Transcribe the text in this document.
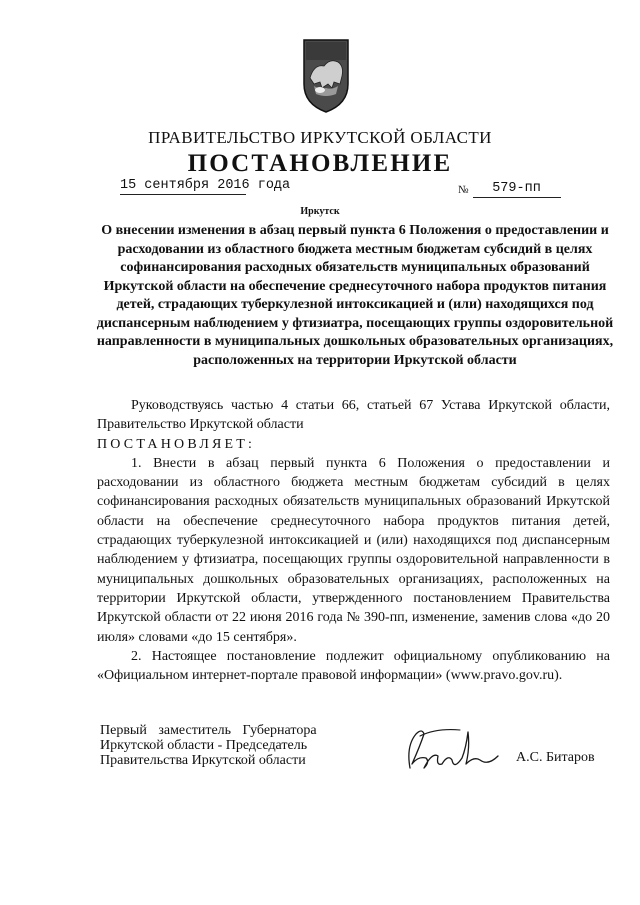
ПРАВИТЕЛЬСТВО ИРКУТСКОЙ ОБЛАСТИ
ПОСТАНОВЛЕНИЕ
15 сентября 2016 года	№ 579-пп
Иркутск
О внесении изменения в абзац первый пункта 6 Положения о предоставлении и расходовании из областного бюджета местным бюджетам субсидий в целях софинансирования расходных обязательств муниципальных образований Иркутской области на обеспечение среднесуточного набора продуктов питания детей, страдающих туберкулезной интоксикацией и (или) находящихся под диспансерным наблюдением у фтизиатра, посещающих группы оздоровительной направленности в муниципальных дошкольных образовательных организациях, расположенных на территории Иркутской области

Руководствуясь частью 4 статьи 66, статьей 67 Устава Иркутской области, Правительство Иркутской области

ПОСТАНОВЛЯЕТ:

1. Внести в абзац первый пункта 6 Положения о предоставлении и расходовании из областного бюджета местным бюджетам субсидий в целях софинансирования расходных обязательств муниципальных образований Иркутской области на обеспечение среднесуточного набора продуктов питания детей, страдающих туберкулезной интоксикацией и (или) находящихся под диспансерным наблюдением у фтизиатра, посещающих группы оздоровительной направленности в муниципальных дошкольных образовательных организациях, расположенных на территории Иркутской области, утвержденного постановлением Правительства Иркутской области от 22 июня 2016 года № 390-пп, изменение, заменив слова «до 20 июля» словами «до 15 сентября».

2. Настоящее постановление подлежит официальному опубликованию на «Официальном интернет-портале правовой информации» (www.pravo.gov.ru).

Первый заместитель Губернатора
Иркутской области - Председатель
Правительства Иркутской области	А.С. Битаров
